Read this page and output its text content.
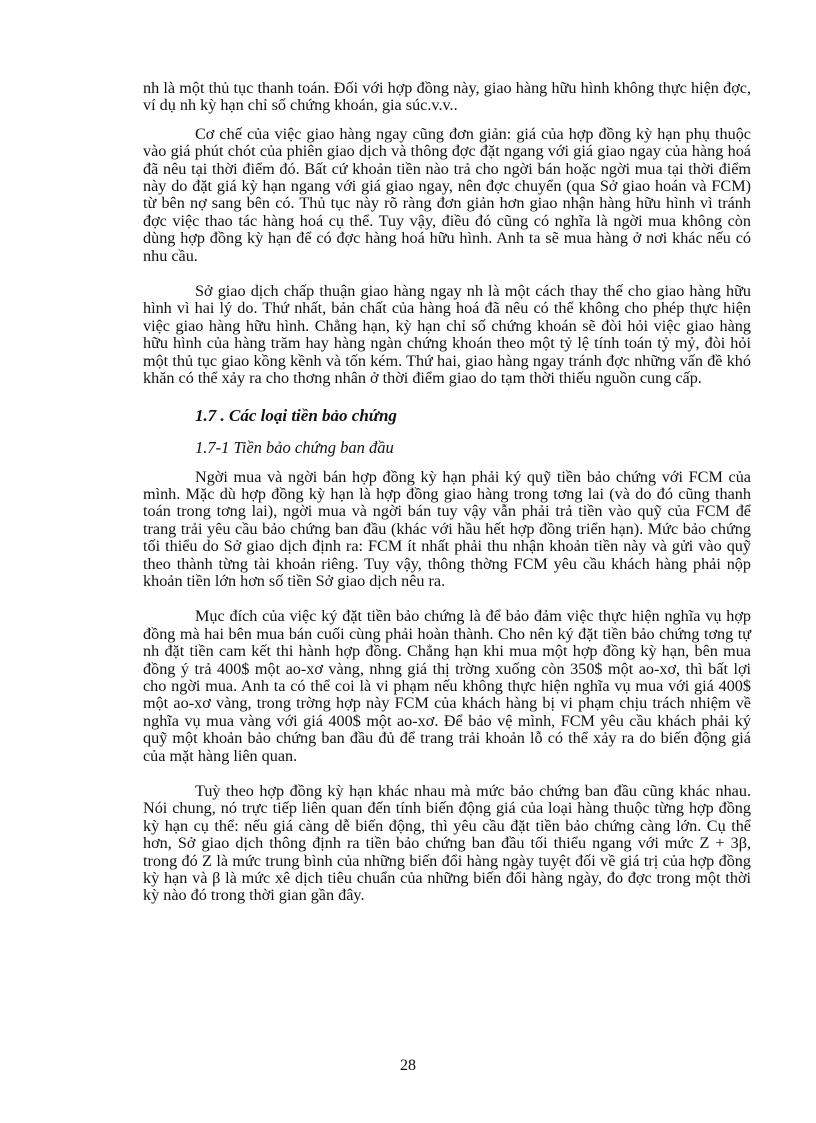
nh là một thủ tục thanh toán. Đối với hợp đồng này, giao hàng hữu hình không thực hiện đợc, ví dụ nh kỳ hạn chỉ số chứng khoán, gia súc.v.v..

Cơ chế của việc giao hàng ngay cũng đơn giản: giá của hợp đồng kỳ hạn phụ thuộc vào giá phút chót của phiên giao dịch và thông đợc đặt ngang với giá giao ngay của hàng hoá đã nêu tại thời điểm đó. Bất cứ khoản tiền nào trả cho ngời bán hoặc ngời mua tại thời điểm này do đặt giá kỳ hạn ngang với giá giao ngay, nên đợc chuyển (qua Sở giao hoán và FCM) từ bên nợ sang bên có. Thủ tục này rõ ràng đơn giản hơn giao nhận hàng hữu hình vì tránh đợc việc thao tác hàng hoá cụ thể. Tuy vậy, điều đó cũng có nghĩa là ngời mua không còn dùng hợp đồng kỳ hạn để có đợc hàng hoá hữu hình. Anh ta sẽ mua hàng ở nơi khác nếu có nhu cầu.

Sở giao dịch chấp thuận giao hàng ngay nh là một cách thay thế cho giao hàng hữu hình vì hai lý do. Thứ nhất, bản chất của hàng hoá đã nêu có thể không cho phép thực hiện việc giao hàng hữu hình. Chẳng hạn, kỳ hạn chỉ số chứng khoán sẽ đòi hỏi việc giao hàng hữu hình của hàng trăm hay hàng ngàn chứng khoán theo một tỷ lệ tính toán tỷ mỷ, đòi hỏi một thủ tục giao kồng kềnh và tốn kém. Thứ hai, giao hàng ngay tránh đợc những vấn đề khó khăn có thể xảy ra cho thơng nhân ở thời điểm giao do tạm thời thiếu nguồn cung cấp.

1.7 . Các loại tiền bảo chứng
1.7-1 Tiền bảo chứng ban đầu

Ngời mua và ngời bán hợp đồng kỳ hạn phải ký quỹ tiền bảo chứng với FCM của mình. Mặc dù hợp đồng kỳ hạn là hợp đồng giao hàng trong tơng lai (và do đó cũng thanh toán trong tơng lai), ngời mua và ngời bán tuy vậy vẫn phải trả tiền vào quỹ của FCM để trang trải yêu cầu bảo chứng ban đầu (khác với hầu hết hợp đồng triển hạn). Mức bảo chứng tối thiểu do Sở giao dịch định ra: FCM ít nhất phải thu nhận khoản tiền này và gửi vào quỹ theo thành từng tài khoản riêng. Tuy vậy, thông thờng FCM yêu cầu khách hàng phải nộp khoản tiền lớn hơn số tiền Sở giao dịch nêu ra.

Mục đích của việc ký đặt tiền bảo chứng là để bảo đảm việc thực hiện nghĩa vụ hợp đồng mà hai bên mua bán cuối cùng phải hoàn thành. Cho nên ký đặt tiền bảo chứng tơng tự nh đặt tiền cam kết thi hành hợp đồng. Chẳng hạn khi mua một hợp đồng kỳ hạn, bên mua đồng ý trả 400$ một ao-xơ vàng, nhng giá thị trờng xuống còn 350$ một ao-xơ, thì bất lợi cho ngời mua. Anh ta có thể coi là vi phạm nếu không thực hiện nghĩa vụ mua với giá 400$ một ao-xơ vàng, trong trờng hợp này FCM của khách hàng bị vi phạm chịu trách nhiệm về nghĩa vụ mua vàng với giá 400$ một ao-xơ. Để bảo vệ mình, FCM yêu cầu khách phải ký quỹ một khoản bảo chứng ban đầu đủ để trang trải khoản lỗ có thể xảy ra do biến động giá của mặt hàng liên quan.

Tuỳ theo hợp đồng kỳ hạn khác nhau mà mức bảo chứng ban đầu cũng khác nhau. Nói chung, nó trực tiếp liên quan đến tính biến động giá của loại hàng thuộc từng hợp đồng kỳ hạn cụ thể: nếu giá càng dễ biến động, thì yêu cầu đặt tiền bảo chứng càng lớn. Cụ thể hơn, Sở giao dịch thông định ra tiền bảo chứng ban đầu tối thiểu ngang với mức Z + 3β, trong đó Z là mức trung bình của những biến đổi hàng ngày tuyệt đối về giá trị của hợp đồng kỳ hạn và β là mức xê dịch tiêu chuẩn của những biến đổi hàng ngày, đo đợc trong một thời kỳ nào đó trong thời gian gần đây.

28
